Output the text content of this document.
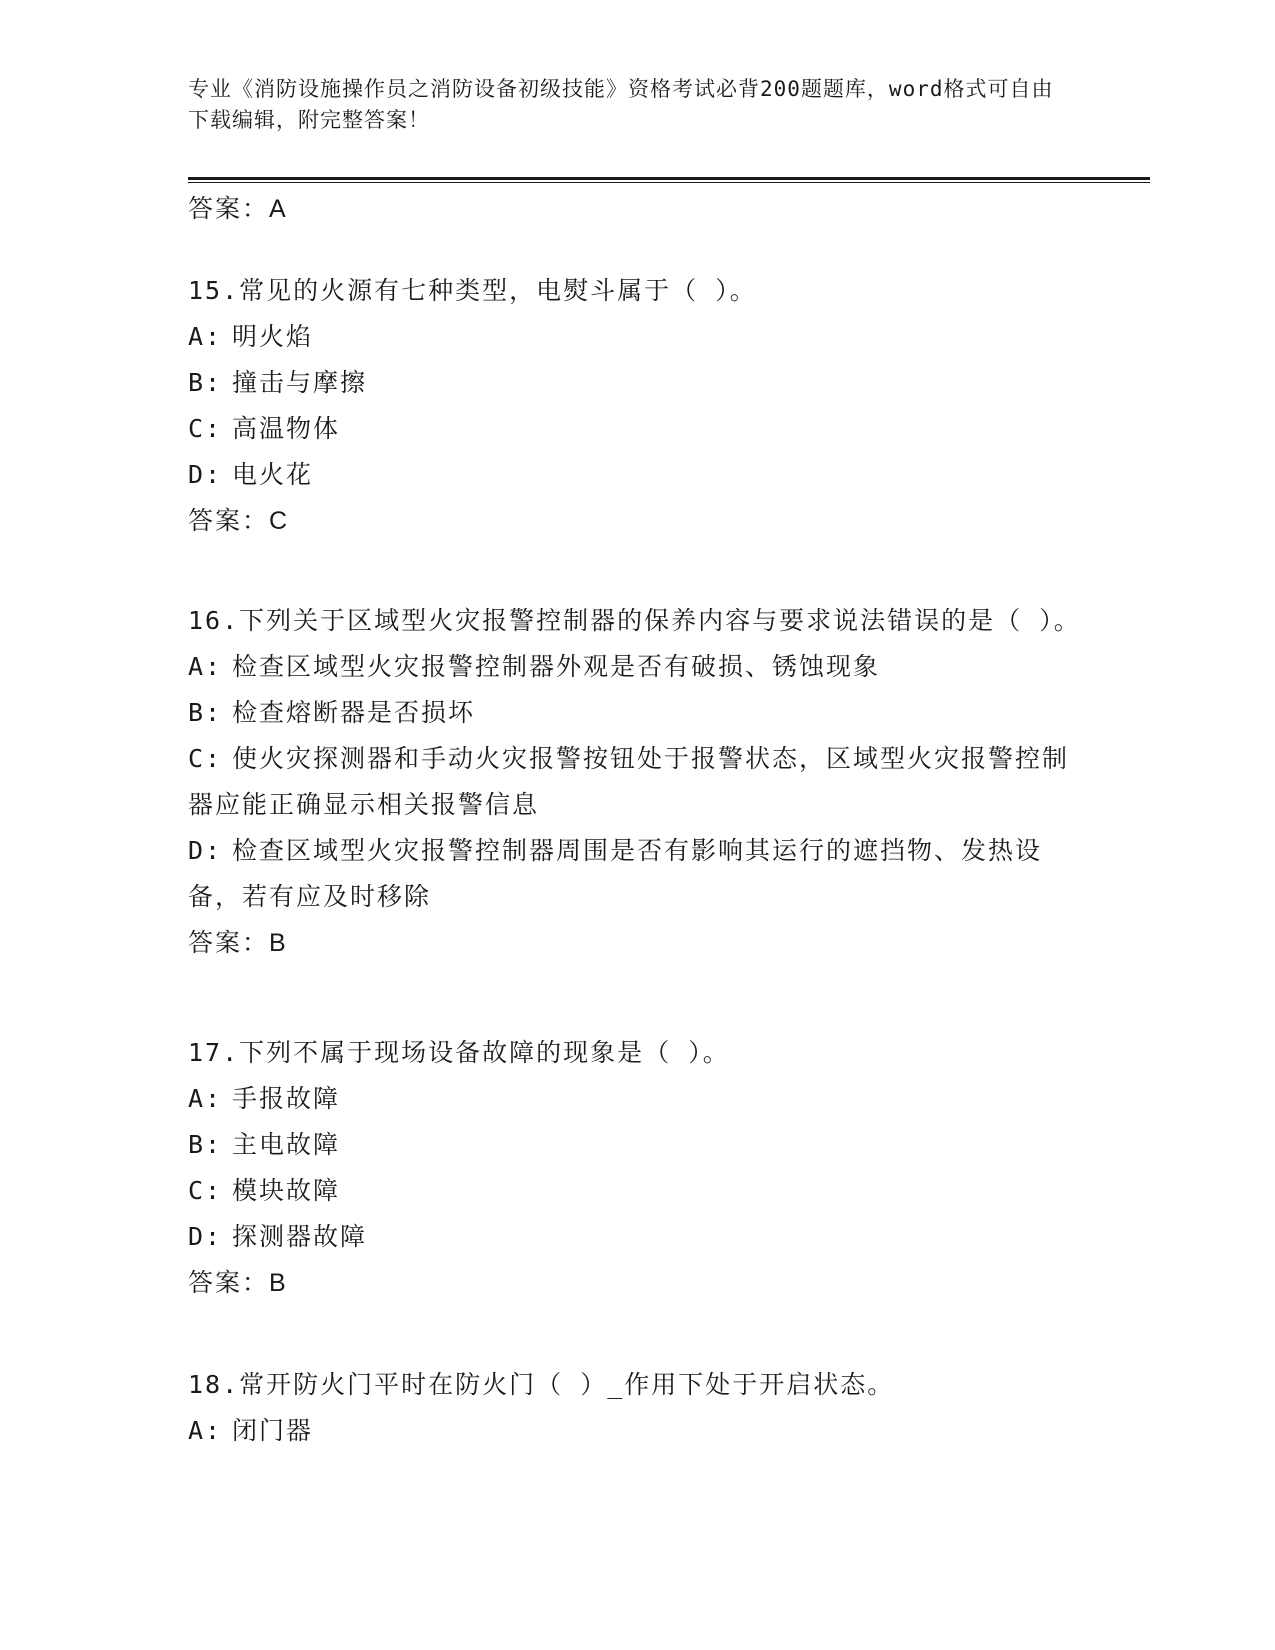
专业《消防设施操作员之消防设备初级技能》资格考试必背200题题库，word格式可自由下载编辑，附完整答案！
答案：A
15.常见的火源有七种类型，电熨斗属于（ ）。
A: 明火焰
B: 撞击与摩擦
C: 高温物体
D: 电火花
答案：C
16.下列关于区域型火灾报警控制器的保养内容与要求说法错误的是（ ）。
A: 检查区域型火灾报警控制器外观是否有破损、锈蚀现象
B: 检查熔断器是否损坏
C: 使火灾探测器和手动火灾报警按钮处于报警状态，区域型火灾报警控制器应能正确显示相关报警信息
D: 检查区域型火灾报警控制器周围是否有影响其运行的遮挡物、发热设备，若有应及时移除
答案：B
17.下列不属于现场设备故障的现象是（ ）。
A: 手报故障
B: 主电故障
C: 模块故障
D: 探测器故障
答案：B
18.常开防火门平时在防火门（ ）_作用下处于开启状态。
A: 闭门器
